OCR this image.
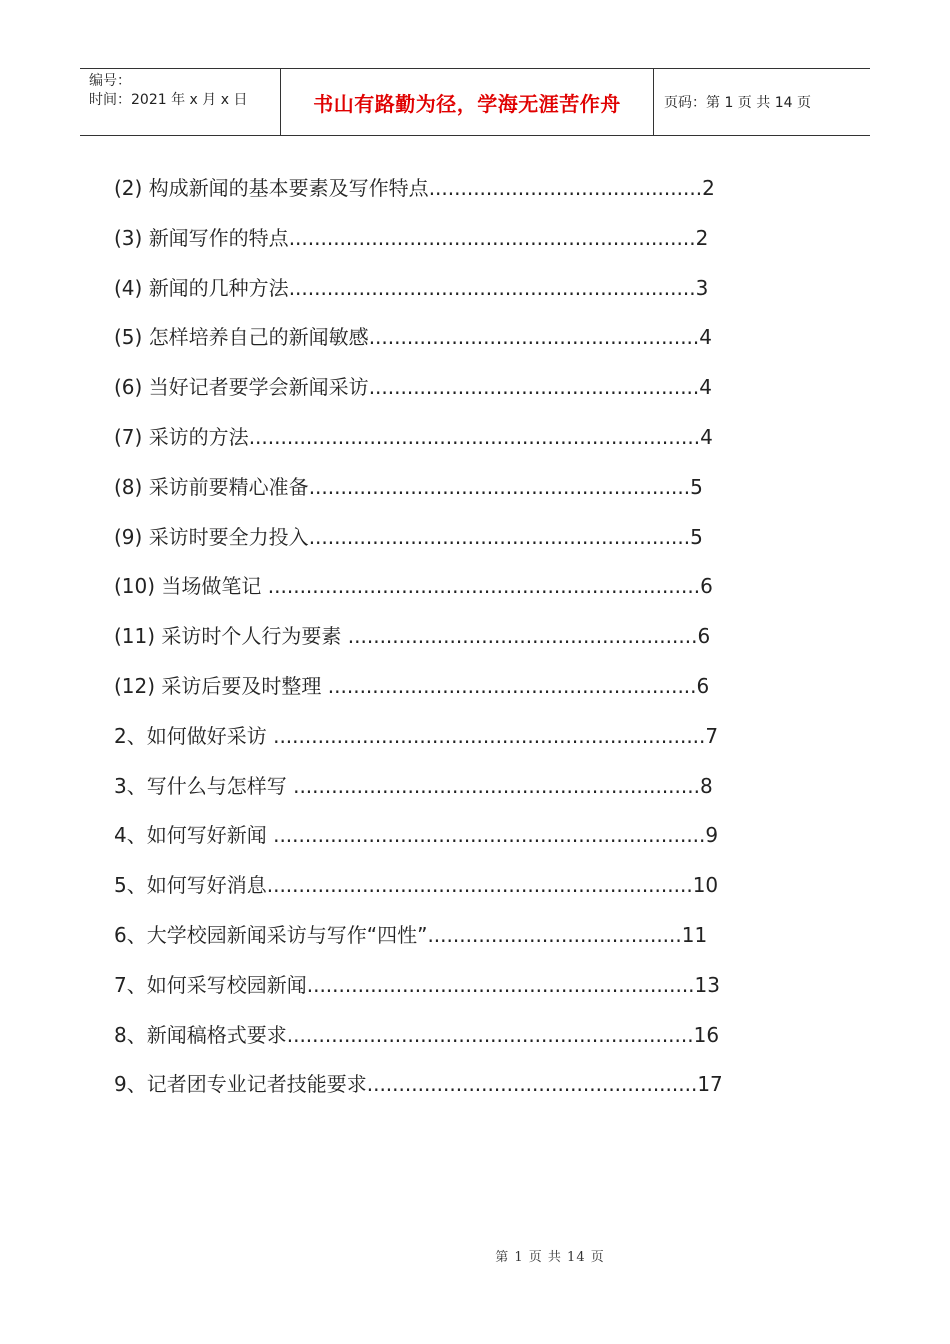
编号：
时间：2021 年 x 月 x 日	书山有路勤为径，学海无涯苦作舟	页码：第 1 页 共 14 页
(2) 构成新闻的基本要素及写作特点...........................................2
(3) 新闻写作的特点................................................................2
(4) 新闻的几种方法................................................................3
(5) 怎样培养自己的新闻敏感....................................................4
(6) 当好记者要学会新闻采访....................................................4
(7) 采访的方法.......................................................................4
(8) 采访前要精心准备............................................................5
(9) 采访时要全力投入............................................................5
(10) 当场做笔记 ....................................................................6
(11) 采访时个人行为要素 .......................................................6
(12) 采访后要及时整理 ..........................................................6
2、如何做好采访 ....................................................................7
3、写什么与怎样写 ................................................................8
4、如何写好新闻 ....................................................................9
5、如何写好消息...................................................................10
6、大学校园新闻采访与写作“四性”........................................11
7、如何采写校园新闻.............................................................13
8、新闻稿格式要求................................................................16
9、记者团专业记者技能要求....................................................17
第 1 页 共 14 页
